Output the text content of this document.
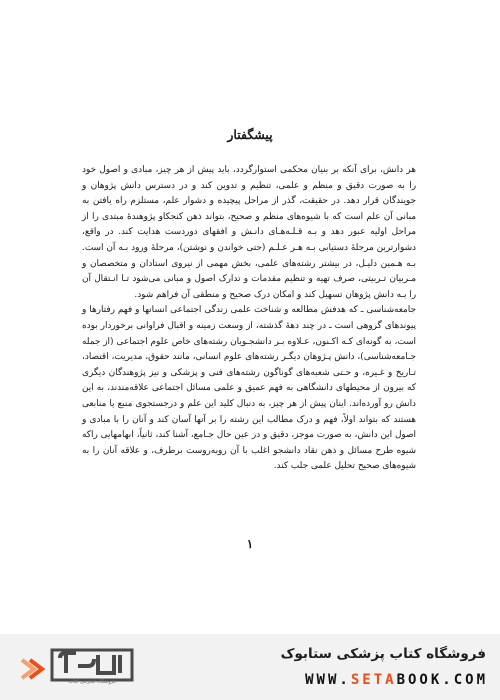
پیشگفتار

هر دانش، برای آنکه بر بنیان محکمی استوارگردد، باید پیش از هر چیز، مبادی و اصول خود را به صورت دقیق و منظم و علمی، تنظیم و تدوین کند و در دسترس دانش پژوهان و جویندگان قرار دهد. در حقیقت، گذر از مراحل پیچیده و دشوار علم، مستلزم راه یافتن به مبانی آن علم است که با شیوه‌های منظم و صحیح، بتواند ذهن کنجکاو پژوهندهٔ مبتدی را از مراحل اولیه عبور دهد و بـه قـلـه‌هـای دانـش و افقهای دوردست هدایت کند. در واقع، دشوارترین مرحلهٔ دستیابی بـه هـر عـلـم (حتی خواندن و نوشتن)، مرحلهٔ ورود بـه آن است. بـه هـمین دلیـل، در بیشتر رشته‌های علمی، بخش مهمی از نیروی استادان و متخصصان و مـربیان تـربیتی، صرف تهیه و تنظیم مقدمات و تدارک اصول و مبانی می‌شود تـا انـتقال آن را بـه دانش پژوهان تسهیل کند و امکان درک صحیح و منطقی آن فراهم شود.

جامعه‌شناسی ـ که هدفش مطالعه و شناخت علمی زندگی اجتماعی انسانها و فهم رفتارها و پیوندهای گروهی است ـ در چند دههٔ گذشته، از وسعت زمینه و اقبال فراوانی برخوردار بوده است، به گونه‌ای کـه اکـنون، عـلاوه بـر دانشجـویان رشته‌های خاص علوم اجتماعی (از جمله جـامعه‌شناسی)، دانش پـژوهان دیگـر رشته‌های علوم انسانی، مانند حقوق، مدیریت، اقتصاد، تـاریخ و غـیره، و حـتی شعبه‌های گوناگون رشته‌های فنی و پزشکی و نیز پژوهندگان دیگری که بیرون از محیطهای دانشگاهی به فهم عمیق و علمی مسائل اجتماعی علاقه‌مندند، به این دانش رو آورده‌اند. اینان پیش از هر چیز، به دنبال کلید این علم و درجستجوی منبع یا منابعی هستند که بتواند اولاً، فهم و درک مطالب این رشته را بر آنها آسان کند و آنان را با مبادی و اصول این دانش، به صورت موجز، دقیق و در عین حال جـامع، آشنا کند، ثانیاً، ابهامهایی راکه شیوه طرح مسائل و ذهن نقاد دانشجو اغلب با آن روبه‌روست برطرف، و علاقه آنان را به شیوه‌های صحیح تحلیل علمی جلب کند.

۱
فروشگاه اینترنتی کتاب
فروشگاه کتاب پزشکی ستابوک
WWW.SETABOOK.COM
